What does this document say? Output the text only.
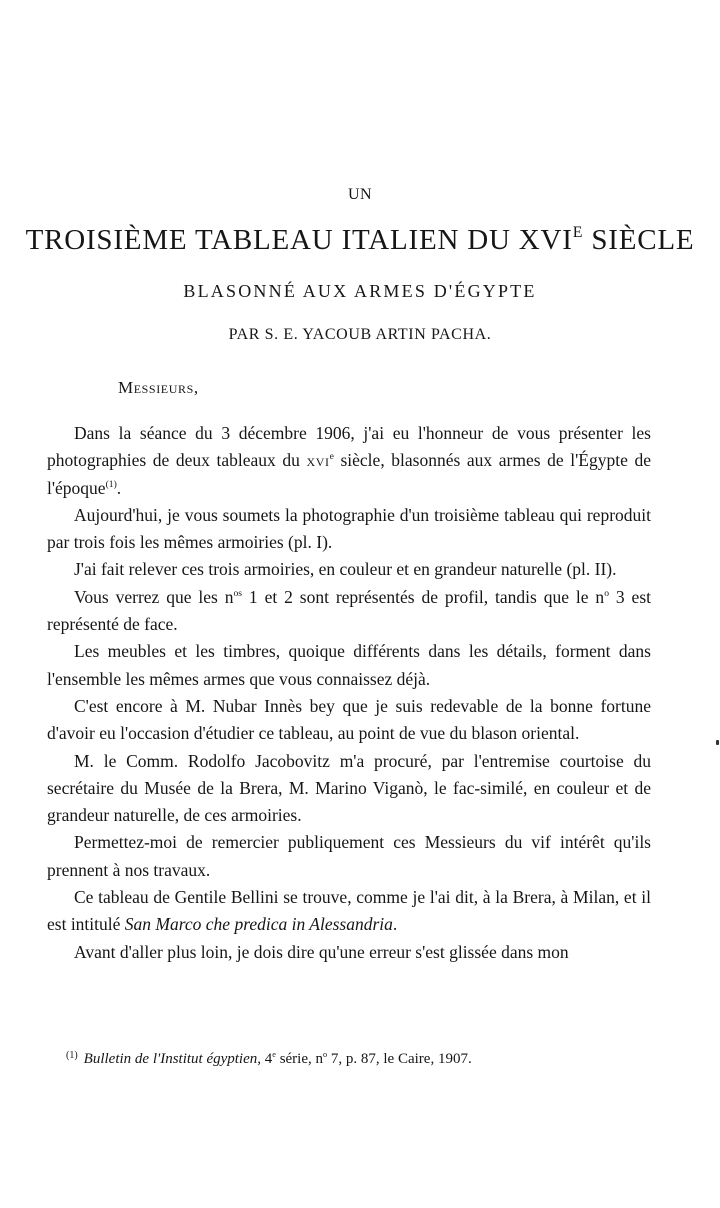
UN
TROISIÈME TABLEAU ITALIEN DU $XVI^E$ SIÈCLE
BLASONNÉ AUX ARMES D'ÉGYPTE
PAR S. E. YACOUB ARTIN PACHA.
Messieurs,

Dans la séance du 3 décembre 1906, j'ai eu l'honneur de vous présenter les photographies de deux tableaux du xvi$^e$ siècle, blasonnés aux armes de l'Égypte de l'époque$^{(1)}$.

Aujourd'hui, je vous soumets la photographie d'un troisième tableau qui reproduit par trois fois les mêmes armoiries (pl. I).

J'ai fait relever ces trois armoiries, en couleur et en grandeur naturelle (pl. II).

Vous verrez que les $n^{os}$ 1 et 2 sont représentés de profil, tandis que le $n^o$ 3 est représenté de face.

Les meubles et les timbres, quoique différents dans les détails, forment dans l'ensemble les mêmes armes que vous connaissez déjà.

C'est encore à M. Nubar Innès bey que je suis redevable de la bonne fortune d'avoir eu l'occasion d'étudier ce tableau, au point de vue du blason oriental.

M. le Comm. Rodolfo Jacobovitz m'a procuré, par l'entremise courtoise du secrétaire du Musée de la Brera, M. Marino Viganò, le fac-similé, en couleur et de grandeur naturelle, de ces armoiries.

Permettez-moi de remercier publiquement ces Messieurs du vif intérêt qu'ils prennent à nos travaux.

Ce tableau de Gentile Bellini se trouve, comme je l'ai dit, à la Brera, à Milan, et il est intitulé San Marco che predica in Alessandria.

Avant d'aller plus loin, je dois dire qu'une erreur s'est glissée dans mon

$^{(1)}$ Bulletin de l'Institut égyptien, 4e série, $n^o$ 7, p. 87, le Caire, 1907.
